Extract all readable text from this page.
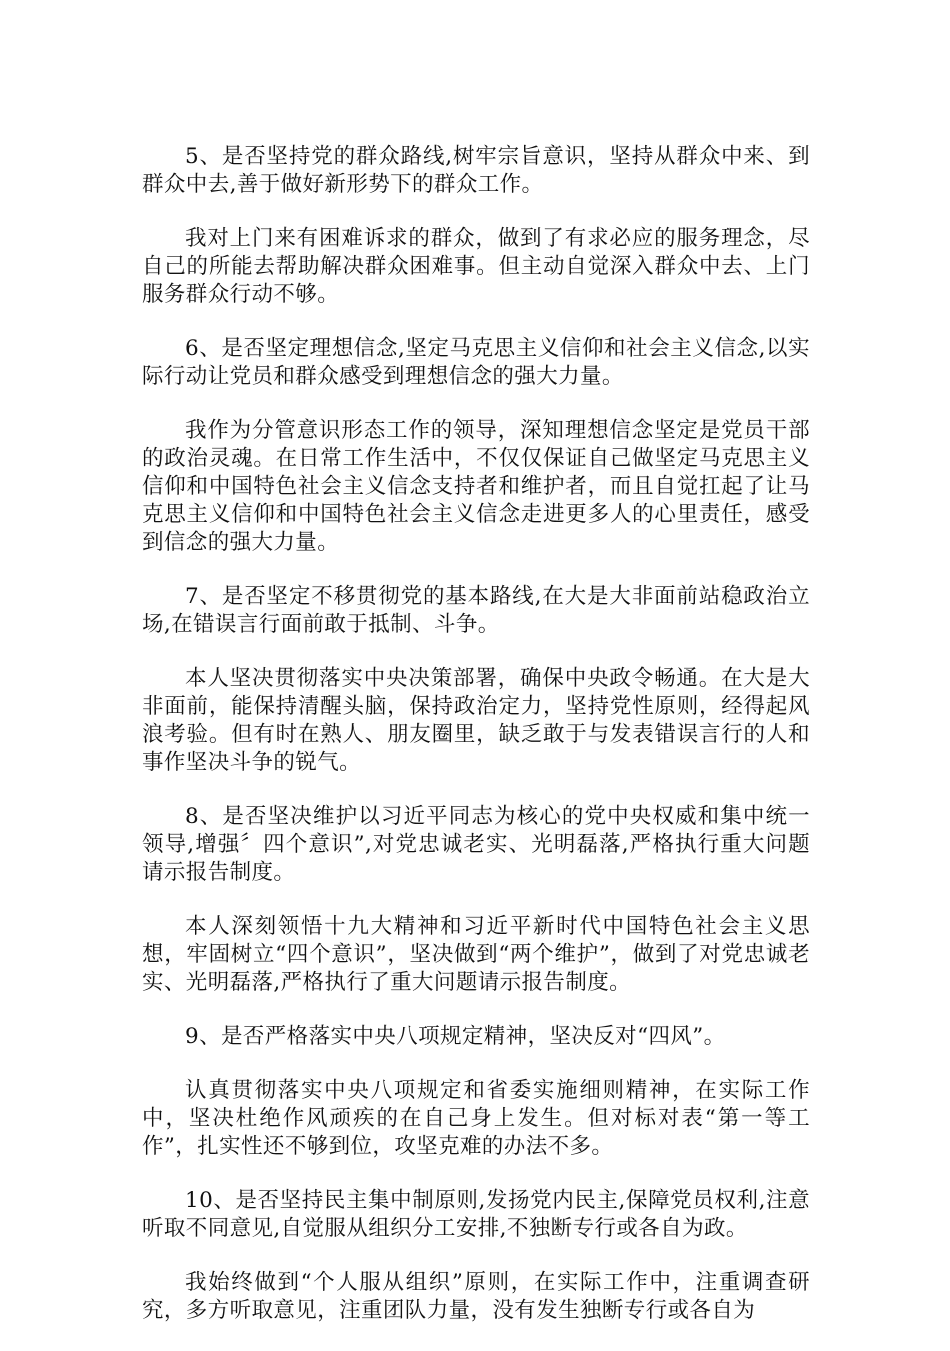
5、是否坚持党的群众路线,树牢宗旨意识，坚持从群众中来、到群众中去,善于做好新形势下的群众工作。

我对上门来有困难诉求的群众，做到了有求必应的服务理念，尽自己的所能去帮助解决群众困难事。但主动自觉深入群众中去、上门服务群众行动不够。

6、是否坚定理想信念,坚定马克思主义信仰和社会主义信念,以实际行动让党员和群众感受到理想信念的强大力量。

我作为分管意识形态工作的领导，深知理想信念坚定是党员干部的政治灵魂。在日常工作生活中，不仅仅保证自己做坚定马克思主义信仰和中国特色社会主义信念支持者和维护者，而且自觉扛起了让马克思主义信仰和中国特色社会主义信念走进更多人的心里责任，感受到信念的强大力量。

7、是否坚定不移贯彻党的基本路线,在大是大非面前站稳政治立场,在错误言行面前敢于抵制、斗争。

本人坚决贯彻落实中央决策部署，确保中央政令畅通。在大是大非面前，能保持清醒头脑，保持政治定力，坚持党性原则，经得起风浪考验。但有时在熟人、朋友圈里，缺乏敢于与发表错误言行的人和事作坚决斗争的锐气。

8、是否坚决维护以习近平同志为核心的党中央权威和集中统一领导,增强〞四个意识”,对党忠诚老实、光明磊落,严格执行重大问题请示报告制度。

本人深刻领悟十九大精神和习近平新时代中国特色社会主义思想，牢固树立“四个意识”，坚决做到“两个维护”，做到了对党忠诚老实、光明磊落,严格执行了重大问题请示报告制度。

9、是否严格落实中央八项规定精神，坚决反对“四风”。

认真贯彻落实中央八项规定和省委实施细则精神，在实际工作中，坚决杜绝作风顽疾的在自己身上发生。但对标对表“第一等工作”，扎实性还不够到位，攻坚克难的办法不多。

10、是否坚持民主集中制原则,发扬党内民主,保障党员权利,注意听取不同意见,自觉服从组织分工安排,不独断专行或各自为政。

我始终做到“个人服从组织”原则，在实际工作中，注重调查研究，多方听取意见，注重团队力量，没有发生独断专行或各自为
